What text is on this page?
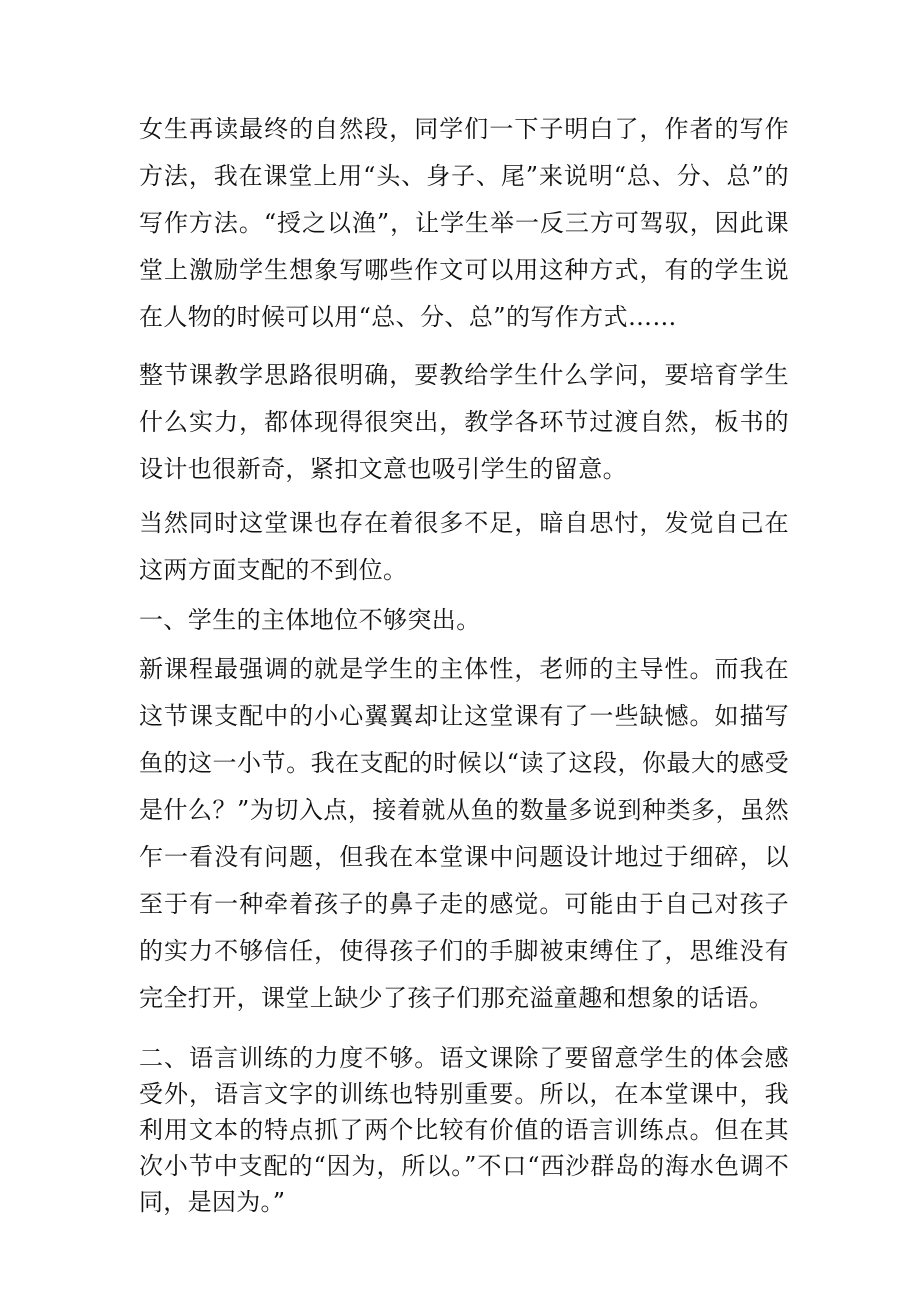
女生再读最终的自然段，同学们一下子明白了，作者的写作方法，我在课堂上用“头、身子、尾”来说明“总、分、总”的写作方法。“授之以渔”，让学生举一反三方可驾驭，因此课堂上激励学生想象写哪些作文可以用这种方式，有的学生说在人物的时候可以用“总、分、总”的写作方式……

整节课教学思路很明确，要教给学生什么学问，要培育学生什么实力，都体现得很突出，教学各环节过渡自然，板书的设计也很新奇，紧扣文意也吸引学生的留意。

当然同时这堂课也存在着很多不足，暗自思忖，发觉自己在这两方面支配的不到位。

一、学生的主体地位不够突出。

新课程最强调的就是学生的主体性，老师的主导性。而我在这节课支配中的小心翼翼却让这堂课有了一些缺憾。如描写鱼的这一小节。我在支配的时候以“读了这段，你最大的感受是什么？”为切入点，接着就从鱼的数量多说到种类多，虽然乍一看没有问题，但我在本堂课中问题设计地过于细碎，以至于有一种牵着孩子的鼻子走的感觉。可能由于自己对孩子的实力不够信任，使得孩子们的手脚被束缚住了，思维没有完全打开，课堂上缺少了孩子们那充溢童趣和想象的话语。

二、语言训练的力度不够。语文课除了要留意学生的体会感受外，语言文字的训练也特别重要。所以，在本堂课中，我利用文本的特点抓了两个比较有价值的语言训练点。但在其次小节中支配的“因为，所以。”不口“西沙群岛的海水色调不同，是因为。”
